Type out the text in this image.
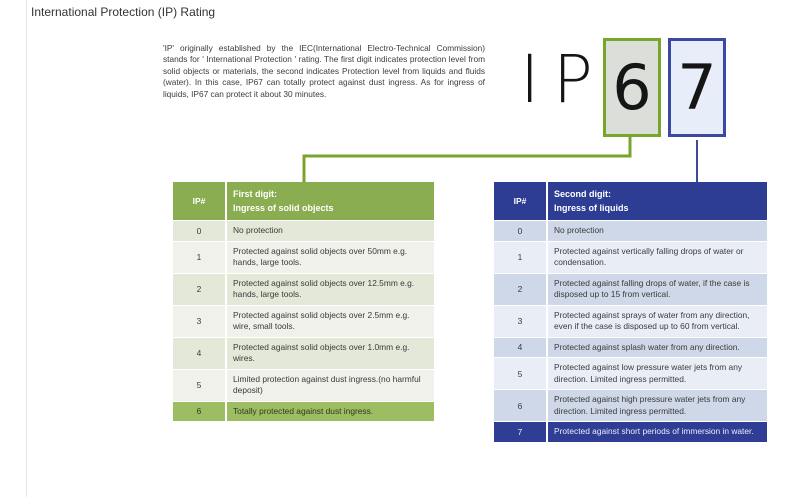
International Protection (IP) Rating
'IP' originally established by the IEC(International Electro-Technical Commission) stands for ' International Protection ' rating. The first digit indicates protection level from solid objects or materials, the second indicates Protection level from liquids and fluids (water). In this case, IP67 can totally protect against dust ingress. As for ingress of liquids, IP67 can protect it about 30 minutes.	I P 6 7
IP#	First digit:
Ingress of solid objects

0	No protection
1	Protected against solid objects over 50mm e.g. hands, large tools.
2	Protected against solid objects over 12.5mm e.g. hands, large tools.
3	Protected against solid objects over 2.5mm e.g. wire, small tools.
4	Protected against solid objects over 1.0mm e.g. wires.
5	Limited protection against dust ingress.(no harmful deposit)
6	Totally protected against dust ingress.
IP#	Second digit:
Ingress of liquids

0	No protection
1	Protected against vertically falling drops of water or condensation.
2	Protected against falling drops of water, if the case is disposed up to 15 from vertical.
3	Protected against sprays of water from any direction, even if the case is disposed up to 60 from vertical.
4	Protected against splash water from any direction.
5	Protected against low pressure water jets from any direction. Limited ingress permitted.
6	Protected against high pressure water jets from any direction. Limited ingress permitted.
7	Protected against short periods of immersion in water.
